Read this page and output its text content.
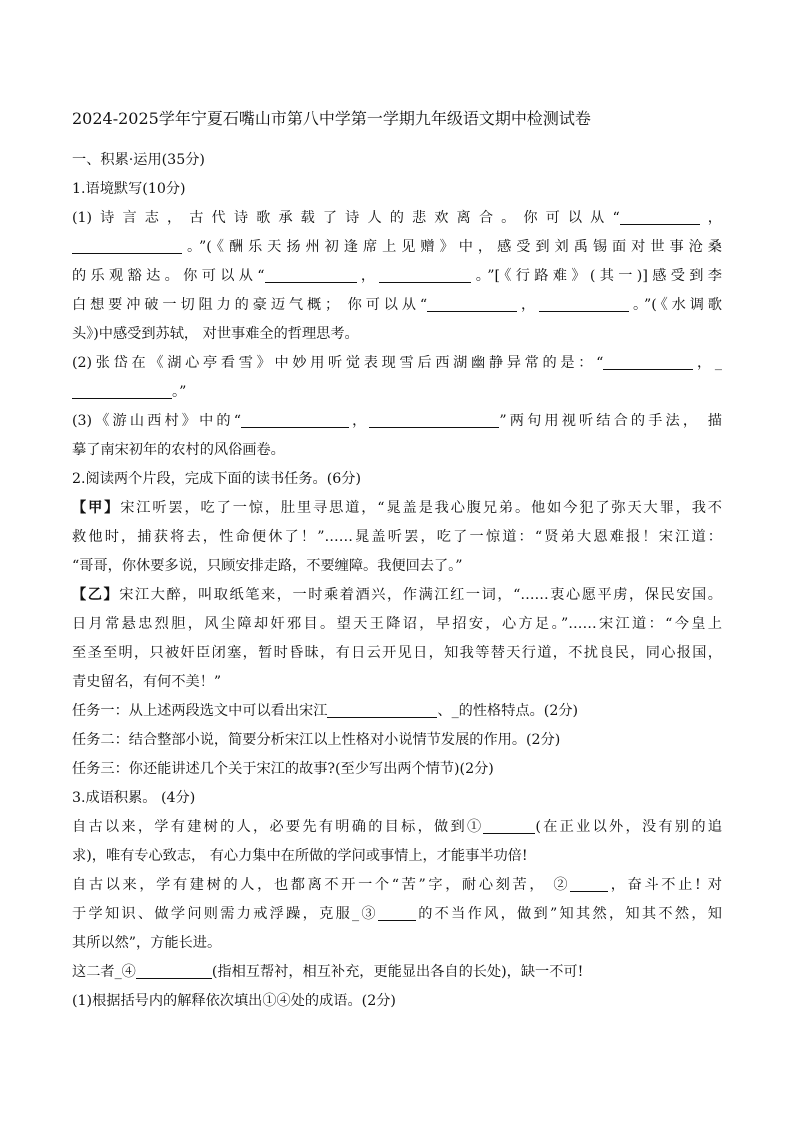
2024-2025学年宁夏石嘴山市第八中学第一学期九年级语文期中检测试卷

一、积累·运用(35分)

1.语境默写(10分)

(1)诗言志，古代诗歌承载了诗人的悲欢离合。你可以从“	，

。”(《酬乐天扬州初逢席上见赠》中，感受到刘禹锡面对世事沧桑

的乐观豁达。你可以从“	，	。”[《行路难》(其一)]感受到李

白想要冲破一切阻力的豪迈气概； 你可以从“	，	。”(《水调歌

头》)中感受到苏轼， 对世事难全的哲理思考。

(2)张岱在《湖心亭看雪》中妙用听觉表现雪后西湖幽静异常的是：“	，_

。”

(3)《游山西村》中的“	，	”两句用视听结合的手法， 描

摹了南宋初年的农村的风俗画卷。

2.阅读两个片段，完成下面的读书任务。(6分)

【甲】宋江听罢，吃了一惊，肚里寻思道，“晁盖是我心腹兄弟。他如今犯了弥天大罪，我不

救他时，捕获将去，性命便休了！”……晁盖听罢，吃了一惊道：“贤弟大恩难报！宋江道：

“哥哥，你休要多说，只顾安排走路，不要缠障。我便回去了。”

【乙】宋江大醉，叫取纸笔来，一时乘着酒兴，作满江红一词，“……衷心愿平虏，保民安国。

日月常悬忠烈胆，风尘障却奸邪目。望天王降诏，早招安，心方足。”……宋江道：“今皇上

至圣至明，只被奸臣闭塞，暂时昏昧，有日云开见日，知我等替天行道，不扰良民，同心报国，

青史留名，有何不美！”

任务一：从上述两段选文中可以看出宋江	、_的性格特点。(2分)

任务二：结合整部小说，简要分析宋江以上性格对小说情节发展的作用。(2分)

任务三：你还能讲述几个关于宋江的故事?(至少写出两个情节)(2分)

3.成语积累。 (4分)

自古以来，学有建树的人，必要先有明确的目标，做到①	(在正业以外，没有别的追

求)，唯有专心致志， 有心力集中在所做的学问或事情上，才能事半功倍!

自古以来，学有建树的人，也都离不开一个“苦”字，耐心刻苦， ②	，奋斗不止! 对

于学知识、做学问则需力戒浮躁，克服_③	的不当作风，做到”知其然，知其不然，知

其所以然”，方能长进。

这二者_④	(指相互帮衬，相互补充，更能显出各自的长处)，缺一不可!

(1)根据括号内的解释依次填出①④处的成语。(2分)
